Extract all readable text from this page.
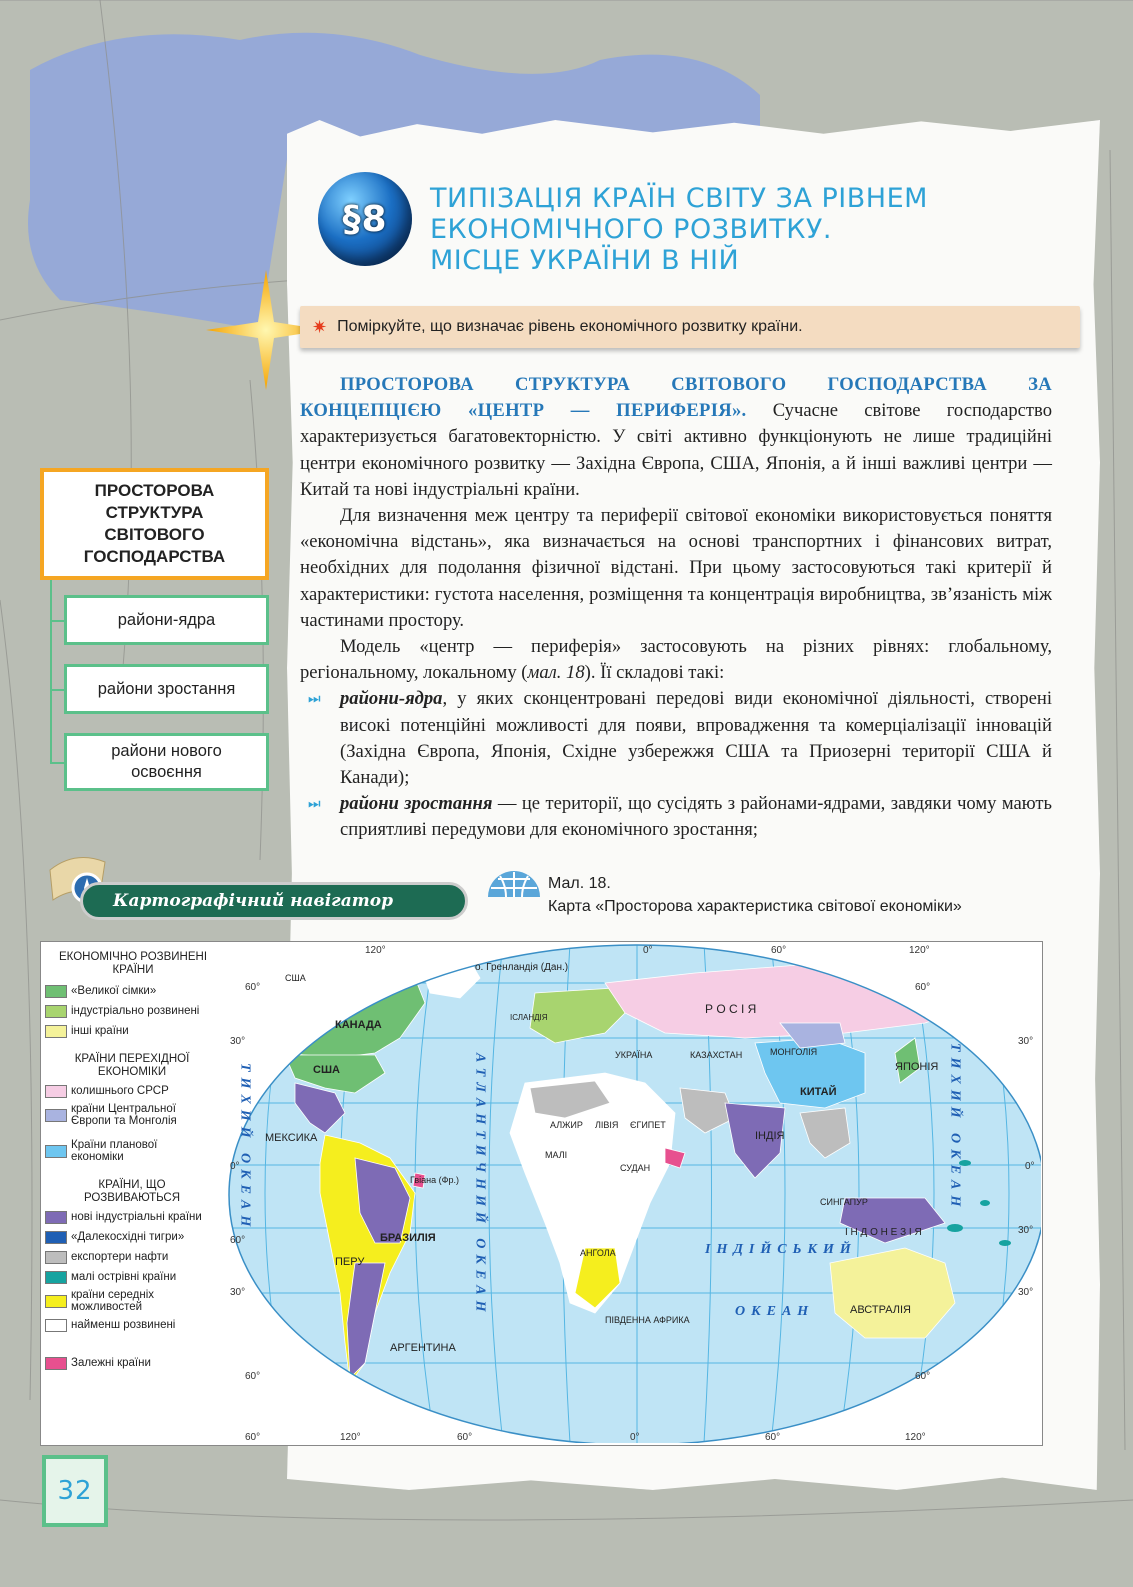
§8 ТИПІЗАЦІЯ КРАЇН СВІТУ ЗА РІВНЕМ
ЕКОНОМІЧНОГО РОЗВИТКУ.
МІСЦЕ УКРАЇНИ В НІЙ
✷ Поміркуйте, що визначає рівень економічного розвитку країни.

ПРОСТОРОВА СТРУКТУРА СВІТОВОГО ГОСПОДАРСТВА ЗА КОНЦЕПЦІЄЮ «ЦЕНТР — ПЕРИФЕРІЯ». Сучасне світове господарство характеризується багатовекторністю. У світі активно функціонують не лише традиційні центри економічного розвитку — Західна Європа, США, Японія, а й інші важливі центри — Китай та нові індустріальні країни.

Для визначення меж центру та периферії світової економіки використовується поняття «економічна відстань», яка визначається на основі транспортних і фінансових витрат, необхідних для подолання фізичної відстані. При цьому застосовуються такі критерії й характеристики: густота населення, розміщення та концентрація виробництва, зв’язаність між частинами простору.

Модель «центр — периферія» застосовують на різних рівнях: глобальному, регіональному, локальному (мал. 18). Її складові такі:

⏭ райони-ядра, у яких сконцентровані передові види економічної діяльності, створені високі потенційні можливості для появи, впровадження та комерціалізації інновацій (Західна Європа, Японія, Східне узбережжя США та Приозерні території США й Канади);
⏭ райони зростання — це території, що сусідять з районами-ядрами, завдяки чому мають сприятливі передумови для економічного зростання;
ПРОСТОРОВА СТРУКТУРА СВІТОВОГО ГОСПОДАРСТВА
райони-ядра
райони зростання
райони нового освоєння
Картографічний навігатор
Мал. 18.
Карта «Просторова характеристика світової економіки»
ЕКОНОМІЧНО РОЗВИНЕНІ КРАЇНИ
«Великої сімки»
індустріально розвинені
інші країни
КРАЇНИ ПЕРЕХІДНОЇ ЕКОНОМІКИ
колишнього СРСР
країни Центральної Європи та Монголія
Країни планової економіки
КРАЇНИ, ЩО РОЗВИВАЮТЬСЯ
нові індустріальні країни
«Далекосхідні тигри»
експортери нафти
малі острівні країни
країни середніх можливостей
найменш розвинені
Залежні країни
КАНАДА
США
США
МЕКСИКА
БРАЗИЛІЯ
ПЕРУ
АРГЕНТИНА
Гвіана (Фр.)
о. Гренландія (Дан.)
ІСЛАНДІЯ
Р О С І Я
УКРАЇНА	КАЗАХСТАН	МОНГОЛІЯ
КИТАЙ
ЯПОНІЯ
ІНДІЯ
СИНГАПУР
І Н Д О Н Е З І Я
АВСТРАЛІЯ
АЛЖИР ЛІВІЯ ЄГИПЕТ
МАЛІ
СУДАН
АНГОЛА
ПІВДЕННА АФРИКА
ТИХИЙ ОКЕАН	ТИХИЙ ОКЕАН
АТЛАНТИЧНИЙ ОКЕАН	ІНДІЙСЬКИЙ
ОКЕАН
120°
60°
0°	60°	120°
60°
30°
0°
30°
60°
60°
60°
30°
120°	60°	0°	60°	120°
60°
30°
0°
30°
32
